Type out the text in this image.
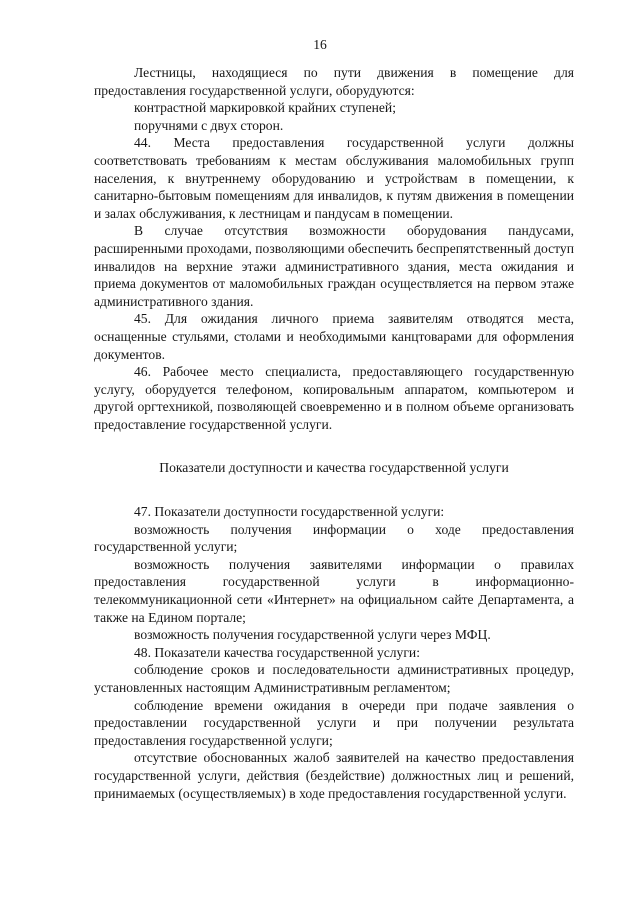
16

Лестницы, находящиеся по пути движения в помещение для предоставления государственной услуги, оборудуются:

контрастной маркировкой крайних ступеней;

поручнями с двух сторон.

44. Места предоставления государственной услуги должны соответствовать требованиям к местам обслуживания маломобильных групп населения, к внутреннему оборудованию и устройствам в помещении, к санитарно-бытовым помещениям для инвалидов, к путям движения в помещении и залах обслуживания, к лестницам и пандусам в помещении.

В случае отсутствия возможности оборудования пандусами, расширенными проходами, позволяющими обеспечить беспрепятственный доступ инвалидов на верхние этажи административного здания, места ожидания и приема документов от маломобильных граждан осуществляется на первом этаже административного здания.

45. Для ожидания личного приема заявителям отводятся места, оснащенные стульями, столами и необходимыми канцтоварами для оформления документов.

46. Рабочее место специалиста, предоставляющего государственную услугу, оборудуется телефоном, копировальным аппаратом, компьютером и другой оргтехникой, позволяющей своевременно и в полном объеме организовать предоставление государственной услуги.

Показатели доступности и качества государственной услуги

47. Показатели доступности государственной услуги:

возможность получения информации о ходе предоставления государственной услуги;

возможность получения заявителями информации о правилах предоставления государственной услуги в информационно-телекоммуникационной сети «Интернет» на официальном сайте Департамента, а также на Едином портале;

возможность получения государственной услуги через МФЦ.

48. Показатели качества государственной услуги:

соблюдение сроков и последовательности административных процедур, установленных настоящим Административным регламентом;

соблюдение времени ожидания в очереди при подаче заявления о предоставлении государственной услуги и при получении результата предоставления государственной услуги;

отсутствие обоснованных жалоб заявителей на качество предоставления государственной услуги, действия (бездействие) должностных лиц и решений, принимаемых (осуществляемых) в ходе предоставления государственной услуги.
